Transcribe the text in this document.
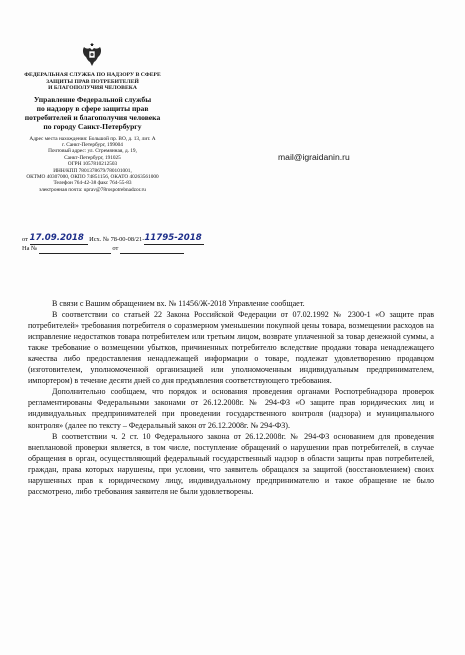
ФЕДЕРАЛЬНАЯ СЛУЖБА ПО НАДЗОРУ В СФЕРЕ
ЗАЩИТЫ ПРАВ ПОТРЕБИТЕЛЕЙ
И БЛАГОПОЛУЧИЯ ЧЕЛОВЕКА
Управление Федеральной службы
по надзору в сфере защиты прав
потребителей и благополучия человека
по городу Санкт-Петербургу
Адрес места нахождения: Большой пр. ВО, д. 13, лит. А
г. Санкт-Петербург, 199004
Почтовый адрес: ул. Стремянная, д. 19,
Санкт-Петербург, 191025
ОГРН 1057810212503
ИНН/КПП 7801378679/780101001,
ОКТМО 40307000, ОКПО 74851156, ОКАТО 40263561000
Телефон 764-42-38 факс 764-55-83
электронная почта: uprav@78rospotrebnadzor.ru
mail@igraidanin.ru
от 17.09.2018 Исх. № 78-00-08/21-11795-2018
На №	от

В связи с Вашим обращением вх. № 11456/Ж-2018 Управление сообщает.

В соответствии со статьей 22 Закона Российской Федерации от 07.02.1992 № 2300-1 «О защите прав потребителей» требования потребителя о соразмерном уменьшении покупной цены товара, возмещении расходов на исправление недостатков товара потребителем или третьим лицом, возврате уплаченной за товар денежной суммы, а также требование о возмещении убытков, причиненных потребителю вследствие продажи товара ненадлежащего качества либо предоставления ненадлежащей информации о товаре, подлежат удовлетворению продавцом (изготовителем, уполномоченной организацией или уполномоченным индивидуальным предпринимателем, импортером) в течение десяти дней со дня предъявления соответствующего требования.

Дополнительно сообщаем, что порядок и основания проведения органами Роспотребнадзора проверок регламентированы Федеральными законами от 26.12.2008г. № 294-ФЗ «О защите прав юридических лиц и индивидуальных предпринимателей при проведении государственного контроля (надзора) и муниципального контроля» (далее по тексту – Федеральный закон от 26.12.2008г. № 294-ФЗ).

В соответствии ч. 2 ст. 10 Федерального закона от 26.12.2008г. № 294-ФЗ основанием для проведения внеплановой проверки является, в том числе, поступление обращений о нарушении прав потребителей, в случае обращения в орган, осуществляющий федеральный государственный надзор в области защиты прав потребителей, граждан, права которых нарушены, при условии, что заявитель обращался за защитой (восстановлением) своих нарушенных прав к юридическому лицу, индивидуальному предпринимателю и такое обращение не было рассмотрено, либо требования заявителя не были удовлетворены.
